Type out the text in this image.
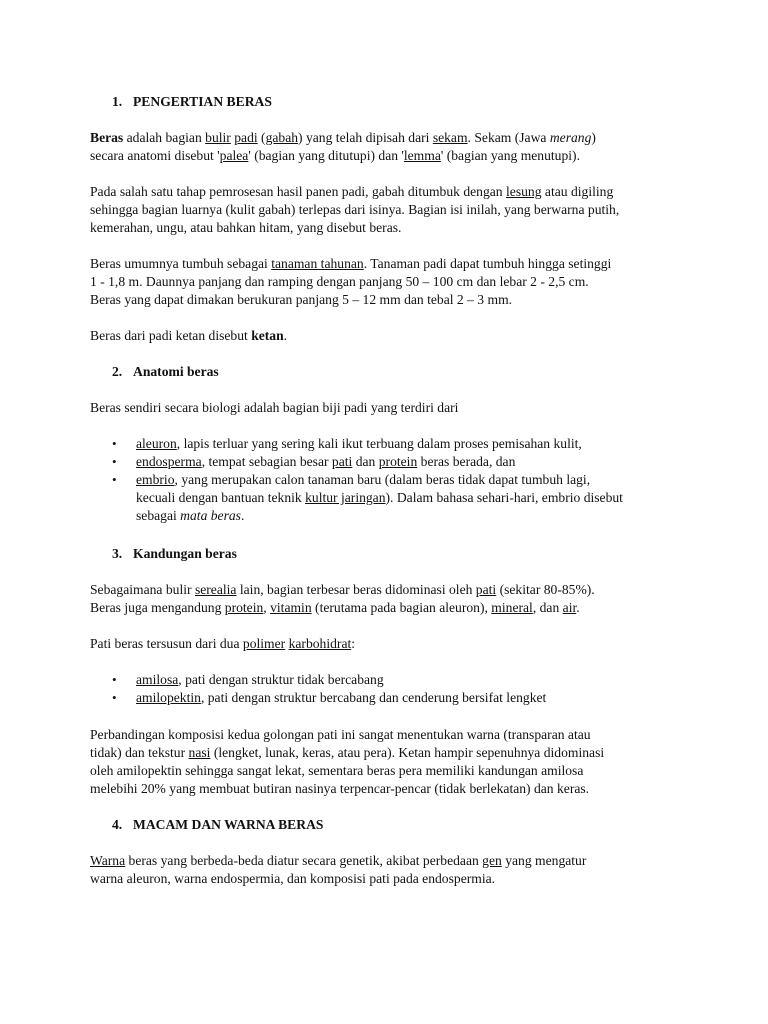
1. PENGERTIAN BERAS

Beras adalah bagian bulir padi (gabah) yang telah dipisah dari sekam. Sekam (Jawa merang)
secara anatomi disebut 'palea' (bagian yang ditutupi) dan 'lemma' (bagian yang menutupi).

Pada salah satu tahap pemrosesan hasil panen padi, gabah ditumbuk dengan lesung atau digiling
sehingga bagian luarnya (kulit gabah) terlepas dari isinya. Bagian isi inilah, yang berwarna putih,
kemerahan, ungu, atau bahkan hitam, yang disebut beras.

Beras umumnya tumbuh sebagai tanaman tahunan. Tanaman padi dapat tumbuh hingga setinggi
1 - 1,8 m. Daunnya panjang dan ramping dengan panjang 50 – 100 cm dan lebar 2 - 2,5 cm.
Beras yang dapat dimakan berukuran panjang 5 – 12 mm dan tebal 2 – 3 mm.

Beras dari padi ketan disebut ketan.

2. Anatomi beras

Beras sendiri secara biologi adalah bagian biji padi yang terdiri dari

• aleuron, lapis terluar yang sering kali ikut terbuang dalam proses pemisahan kulit,
• endosperma, tempat sebagian besar pati dan protein beras berada, dan
• embrio, yang merupakan calon tanaman baru (dalam beras tidak dapat tumbuh lagi,
kecuali dengan bantuan teknik kultur jaringan). Dalam bahasa sehari-hari, embrio disebut
sebagai mata beras.
3. Kandungan beras

Sebagaimana bulir serealia lain, bagian terbesar beras didominasi oleh pati (sekitar 80-85%).
Beras juga mengandung protein, vitamin (terutama pada bagian aleuron), mineral, dan air.

Pati beras tersusun dari dua polimer karbohidrat:

• amilosa, pati dengan struktur tidak bercabang
• amilopektin, pati dengan struktur bercabang dan cenderung bersifat lengket

Perbandingan komposisi kedua golongan pati ini sangat menentukan warna (transparan atau
tidak) dan tekstur nasi (lengket, lunak, keras, atau pera). Ketan hampir sepenuhnya didominasi
oleh amilopektin sehingga sangat lekat, sementara beras pera memiliki kandungan amilosa
melebihi 20% yang membuat butiran nasinya terpencar-pencar (tidak berlekatan) dan keras.

4. MACAM DAN WARNA BERAS

Warna beras yang berbeda-beda diatur secara genetik, akibat perbedaan gen yang mengatur
warna aleuron, warna endospermia, dan komposisi pati pada endospermia.
